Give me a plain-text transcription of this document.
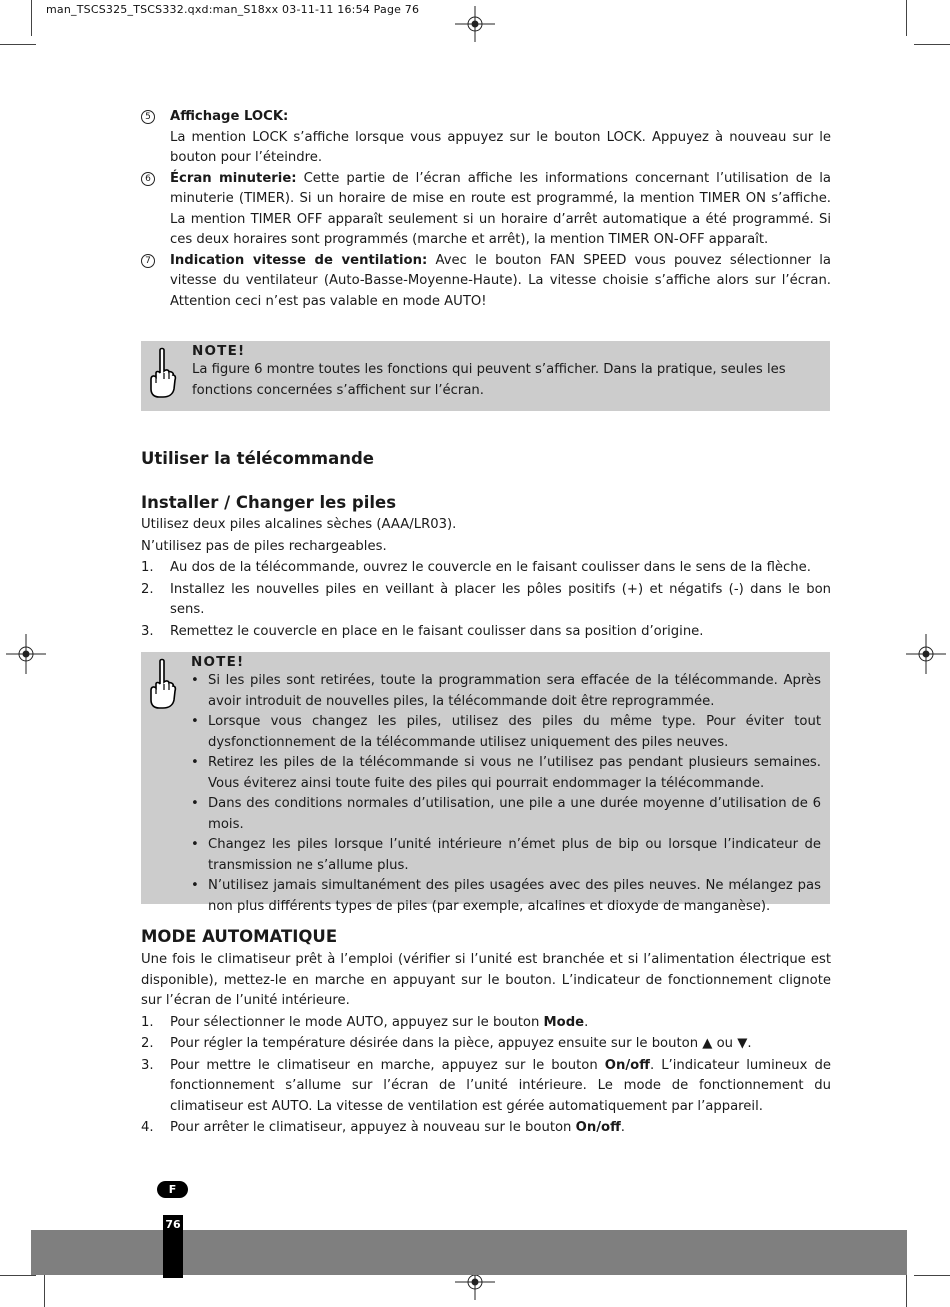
man_TSCS325_TSCS332.qxd:man_S18xx 03-11-11 16:54 Page 76
5	Affichage LOCK:
La mention LOCK s’affiche lorsque vous appuyez sur le bouton LOCK. Appuyez à nouveau sur le bouton pour l’éteindre.
6	Écran minuterie: Cette partie de l’écran affiche les informations concernant l’utilisation de la minuterie (TIMER). Si un horaire de mise en route est programmé, la mention TIMER ON s’affiche. La mention TIMER OFF apparaît seulement si un horaire d’arrêt automatique a été programmé. Si ces deux horaires sont programmés (marche et arrêt), la mention TIMER ON-OFF apparaît.
7	Indication vitesse de ventilation: Avec le bouton FAN SPEED vous pouvez sélectionner la vitesse du ventilateur (Auto-Basse-Moyenne-Haute). La vitesse choisie s’affiche alors sur l’écran. Attention ceci n’est pas valable en mode AUTO!
NOTE!
La figure 6 montre toutes les fonctions qui peuvent s’afficher. Dans la pratique, seules les fonctions concernées s’affichent sur l’écran.
Utiliser la télécommande
Installer / Changer les piles
Utilisez deux piles alcalines sèches (AAA/LR03).
N’utilisez pas de piles rechargeables.
1. Au dos de la télécommande, ouvrez le couvercle en le faisant coulisser dans le sens de la flèche.
2. Installez les nouvelles piles en veillant à placer les pôles positifs (+) et négatifs (-) dans le bon sens.
3. Remettez le couvercle en place en le faisant coulisser dans sa position d’origine.
NOTE!
• Si les piles sont retirées, toute la programmation sera effacée de la télécommande. Après avoir introduit de nouvelles piles, la télécommande doit être reprogrammée.
• Lorsque vous changez les piles, utilisez des piles du même type. Pour éviter tout dysfonctionnement de la télécommande utilisez uniquement des piles neuves.
• Retirez les piles de la télécommande si vous ne l’utilisez pas pendant plusieurs semaines. Vous éviterez ainsi toute fuite des piles qui pourrait endommager la télécommande.
• Dans des conditions normales d’utilisation, une pile a une durée moyenne d’utilisation de 6 mois.
• Changez les piles lorsque l’unité intérieure n’émet plus de bip ou lorsque l’indicateur de transmission ne s’allume plus.
• N’utilisez jamais simultanément des piles usagées avec des piles neuves. Ne mélangez pas non plus différents types de piles (par exemple, alcalines et dioxyde de manganèse).
MODE AUTOMATIQUE
Une fois le climatiseur prêt à l’emploi (vérifier si l’unité est branchée et si l’alimentation électrique est disponible), mettez-le en marche en appuyant sur le bouton. L’indicateur de fonctionnement clignote sur l’écran de l’unité intérieure.
1. Pour sélectionner le mode AUTO, appuyez sur le bouton Mode.
2. Pour régler la température désirée dans la pièce, appuyez ensuite sur le bouton ▲ ou ▼.
3. Pour mettre le climatiseur en marche, appuyez sur le bouton On/off. L’indicateur lumineux de fonctionnement s’allume sur l’écran de l’unité intérieure. Le mode de fonctionnement du climatiseur est AUTO. La vitesse de ventilation est gérée automatiquement par l’appareil.
4. Pour arrêter le climatiseur, appuyez à nouveau sur le bouton On/off.
F
76
